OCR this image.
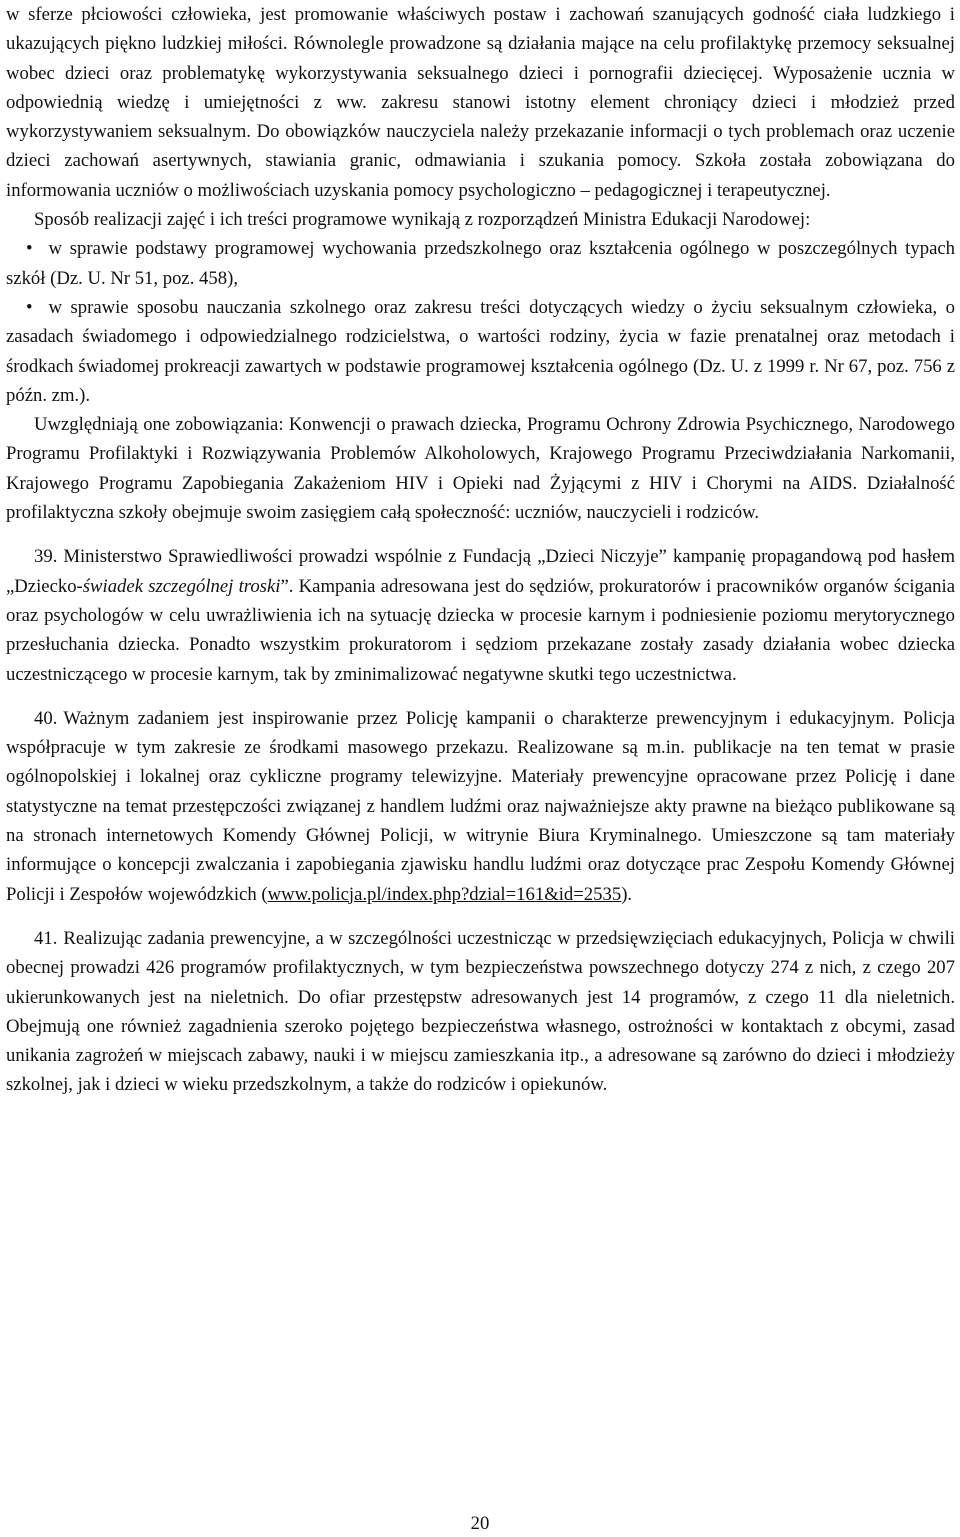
w sferze płciowości człowieka, jest promowanie właściwych postaw i zachowań szanujących godność ciała ludzkiego i ukazujących piękno ludzkiej miłości. Równolegle prowadzone są działania mające na celu profilaktykę przemocy seksualnej wobec dzieci oraz problematykę wykorzystywania seksualnego dzieci i pornografii dziecięcej. Wyposażenie ucznia w odpowiednią wiedzę i umiejętności z ww. zakresu stanowi istotny element chroniący dzieci i młodzież przed wykorzystywaniem seksualnym. Do obowiązków nauczyciela należy przekazanie informacji o tych problemach oraz uczenie dzieci zachowań asertywnych, stawiania granic, odmawiania i szukania pomocy. Szkoła została zobowiązana do informowania uczniów o możliwościach uzyskania pomocy psychologiczno – pedagogicznej i terapeutycznej.

Sposób realizacji zajęć i ich treści programowe wynikają z rozporządzeń Ministra Edukacji Narodowej:

• w sprawie podstawy programowej wychowania przedszkolnego oraz kształcenia ogólnego w poszczególnych typach szkół (Dz. U. Nr 51, poz. 458),

• w sprawie sposobu nauczania szkolnego oraz zakresu treści dotyczących wiedzy o życiu seksualnym człowieka, o zasadach świadomego i odpowiedzialnego rodzicielstwa, o wartości rodziny, życia w fazie prenatalnej oraz metodach i środkach świadomej prokreacji zawartych w podstawie programowej kształcenia ogólnego (Dz. U. z 1999 r. Nr 67, poz. 756 z późn. zm.).

Uwzględniają one zobowiązania: Konwencji o prawach dziecka, Programu Ochrony Zdrowia Psychicznego, Narodowego Programu Profilaktyki i Rozwiązywania Problemów Alkoholowych, Krajowego Programu Przeciwdziałania Narkomanii, Krajowego Programu Zapobiegania Zakażeniom HIV i Opieki nad Żyjącymi z HIV i Chorymi na AIDS. Działalność profilaktyczna szkoły obejmuje swoim zasięgiem całą społeczność: uczniów, nauczycieli i rodziców.

39. Ministerstwo Sprawiedliwości prowadzi wspólnie z Fundacją „Dzieci Niczyje” kampanię propagandową pod hasłem „Dziecko-świadek szczególnej troski”. Kampania adresowana jest do sędziów, prokuratorów i pracowników organów ścigania oraz psychologów w celu uwrażliwienia ich na sytuację dziecka w procesie karnym i podniesienie poziomu merytorycznego przesłuchania dziecka. Ponadto wszystkim prokuratorom i sędziom przekazane zostały zasady działania wobec dziecka uczestniczącego w procesie karnym, tak by zminimalizować negatywne skutki tego uczestnictwa.

40. Ważnym zadaniem jest inspirowanie przez Policję kampanii o charakterze prewencyjnym i edukacyjnym. Policja współpracuje w tym zakresie ze środkami masowego przekazu. Realizowane są m.in. publikacje na ten temat w prasie ogólnopolskiej i lokalnej oraz cykliczne programy telewizyjne. Materiały prewencyjne opracowane przez Policję i dane statystyczne na temat przestępczości związanej z handlem ludźmi oraz najważniejsze akty prawne na bieżąco publikowane są na stronach internetowych Komendy Głównej Policji, w witrynie Biura Kryminalnego. Umieszczone są tam materiały informujące o koncepcji zwalczania i zapobiegania zjawisku handlu ludźmi oraz dotyczące prac Zespołu Komendy Głównej Policji i Zespołów wojewódzkich (www.policja.pl/index.php?dzial=161&id=2535).

41. Realizując zadania prewencyjne, a w szczególności uczestnicząc w przedsięwzięciach edukacyjnych, Policja w chwili obecnej prowadzi 426 programów profilaktycznych, w tym bezpieczeństwa powszechnego dotyczy 274 z nich, z czego 207 ukierunkowanych jest na nieletnich. Do ofiar przestępstw adresowanych jest 14 programów, z czego 11 dla nieletnich. Obejmują one również zagadnienia szeroko pojętego bezpieczeństwa własnego, ostrożności w kontaktach z obcymi, zasad unikania zagrożeń w miejscach zabawy, nauki i w miejscu zamieszkania itp., a adresowane są zarówno do dzieci i młodzieży szkolnej, jak i dzieci w wieku przedszkolnym, a także do rodziców i opiekunów.

20
